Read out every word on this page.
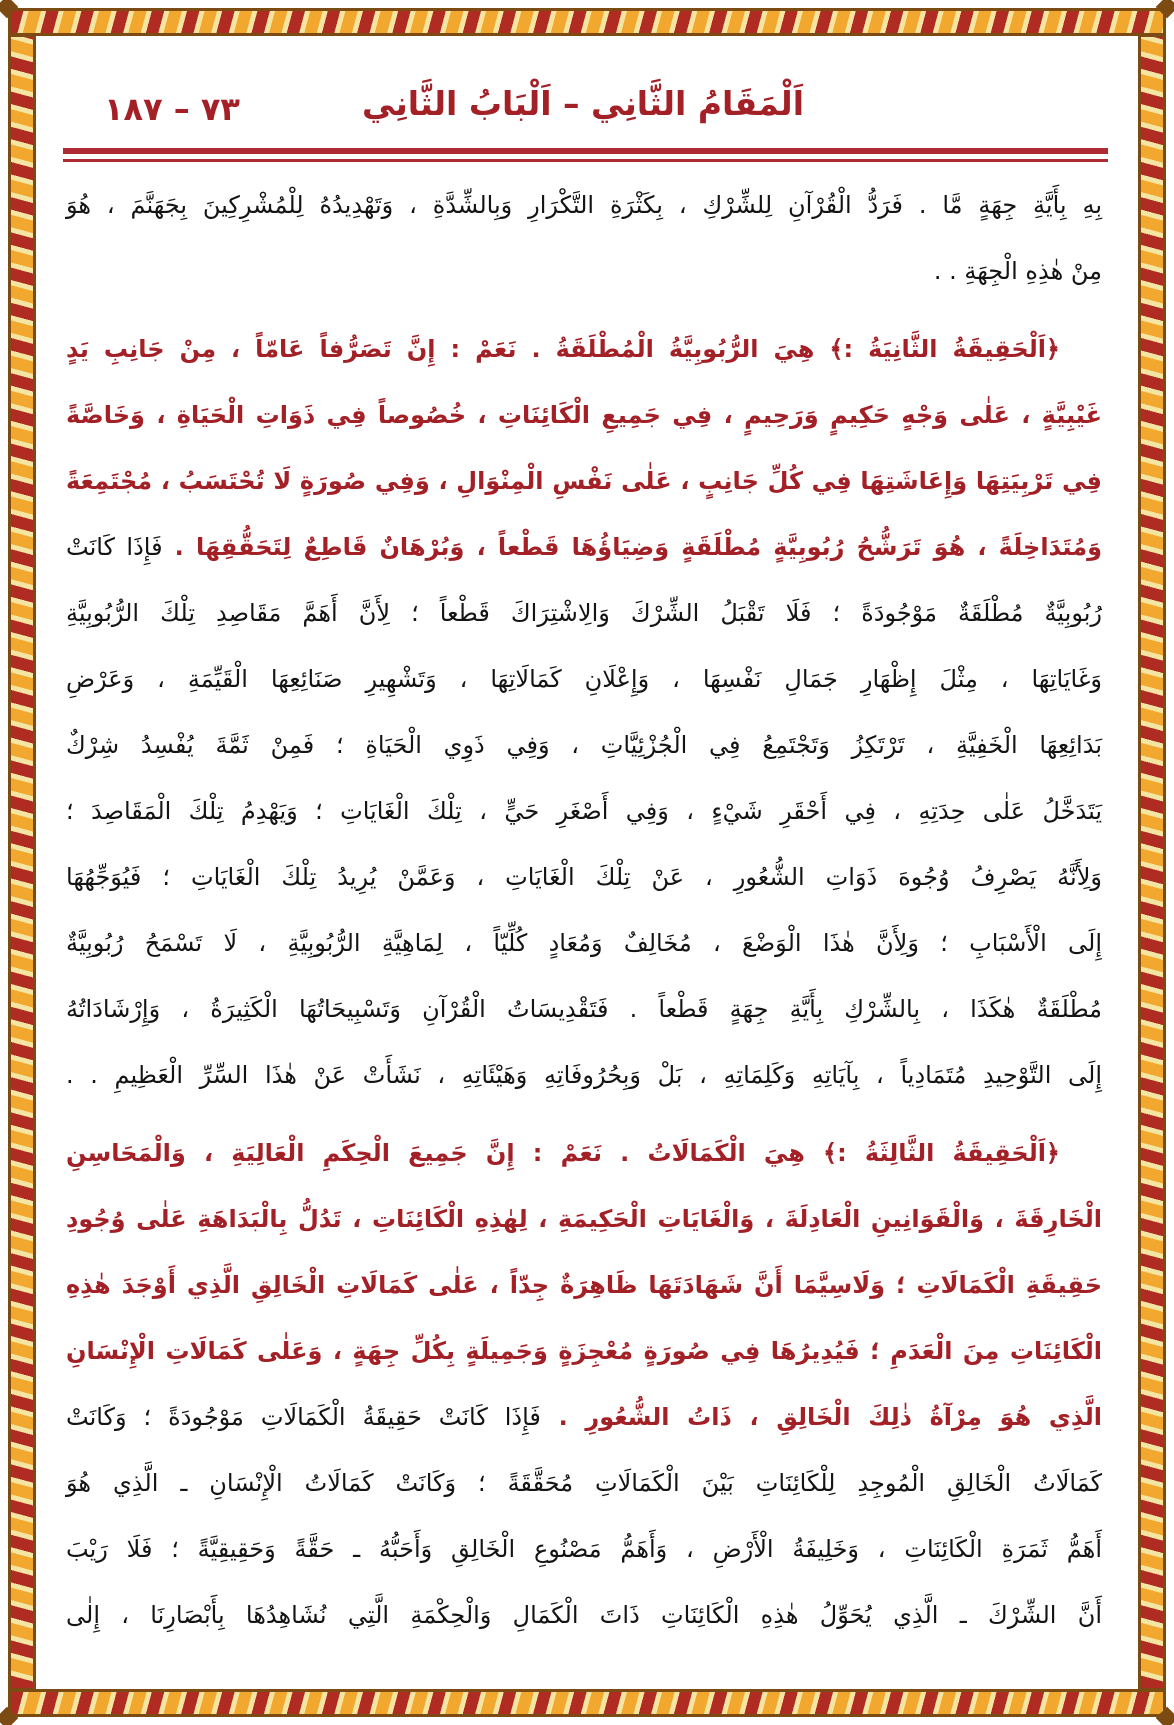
اَلْمَقَامُ الثَّانِي – اَلْبَابُ الثَّانِي
٧٣ – ١٨٧
بِهِ بِأَيَّةِ جِهَةٍ مَّا . فَرَدُّ الْقُرْآنِ لِلشِّرْكِ ، بِكَثْرَةِ التَّكْرَارِ وَبِالشِّدَّةِ ، وَتَهْدِيدُهُ لِلْمُشْرِكِينَ بِجَهَنَّمَ ، هُوَ
مِنْ هٰذِهِ الْجِهَةِ . .
﴿اَلْحَقِيقَةُ الثَّانِيَةُ :﴾ هِيَ الرُّبُوبِيَّةُ الْمُطْلَقَةُ . نَعَمْ : إِنَّ تَصَرُّفاً عَامّاً ، مِنْ جَانِبِ يَدٍ
غَيْبِيَّةٍ ، عَلٰى وَجْهٍ حَكِيمٍ وَرَحِيمٍ ، فِي جَمِيعِ الْكَائِنَاتِ ، خُصُوصاً فِي ذَوَاتِ الْحَيَاةِ ، وَخَاصَّةً
فِي تَرْبِيَتِهَا وَإِعَاشَتِهَا فِي كُلِّ جَانِبٍ ، عَلٰى نَفْسِ الْمِنْوَالِ ، وَفِي صُورَةٍ لَا تُحْتَسَبُ ، مُجْتَمِعَةً
وَمُتَدَاخِلَةً ، هُوَ تَرَشُّحُ رُبُوبِيَّةٍ مُطْلَقَةٍ وَضِيَاؤُهَا قَطْعاً ، وَبُرْهَانٌ قَاطِعٌ لِتَحَقُّقِهَا . فَإِذَا كَانَتْ
رُبُوبِيَّةٌ مُطْلَقَةٌ مَوْجُودَةً ؛ فَلَا تَقْبَلُ الشِّرْكَ وَالِاشْتِرَاكَ قَطْعاً ؛ لِأَنَّ أَهَمَّ مَقَاصِدِ تِلْكَ الرُّبُوبِيَّةِ
وَغَايَاتِهَا ، مِثْلَ إِظْهَارِ جَمَالِ نَفْسِهَا ، وَإِعْلَانِ كَمَالَاتِهَا ، وَتَشْهِيرِ صَنَائِعِهَا الْقَيِّمَةِ ، وَعَرْضِ
بَدَائِعِهَا الْخَفِيَّةِ ، تَرْتَكِزُ وَتَجْتَمِعُ فِي الْجُزْئِيَّاتِ ، وَفِي ذَوِي الْحَيَاةِ ؛ فَمِنْ ثَمَّةَ يُفْسِدُ شِرْكٌ
يَتَدَخَّلُ عَلٰى حِدَتِهِ ، فِي أَحْقَرِ شَيْءٍ ، وَفِي أَصْغَرِ حَيٍّ ، تِلْكَ الْغَايَاتِ ؛ وَيَهْدِمُ تِلْكَ الْمَقَاصِدَ ؛
وَلِأَنَّهُ يَصْرِفُ وُجُوهَ ذَوَاتِ الشُّعُورِ ، عَنْ تِلْكَ الْغَايَاتِ ، وَعَمَّنْ يُرِيدُ تِلْكَ الْغَايَاتِ ؛ فَيُوَجِّهُهَا
إِلَى الْأَسْبَابِ ؛ وَلِأَنَّ هٰذَا الْوَضْعَ ، مُخَالِفٌ وَمُعَادٍ كُلِّيّاً ، لِمَاهِيَّةِ الرُّبُوبِيَّةِ ، لَا تَسْمَحُ رُبُوبِيَّةٌ
مُطْلَقَةٌ هٰكَذَا ، بِالشِّرْكِ بِأَيَّةِ جِهَةٍ قَطْعاً . فَتَقْدِيسَاتُ الْقُرْآنِ وَتَسْبِيحَاتُهَا الْكَثِيرَةُ ، وَإِرْشَادَاتُهُ
إِلَى التَّوْحِيدِ مُتَمَادِياً ، بِآيَاتِهِ وَكَلِمَاتِهِ ، بَلْ وَبِحُرُوفَاتِهِ وَهَيْئَاتِهِ ، نَشَأَتْ عَنْ هٰذَا السِّرِّ الْعَظِيمِ . .
﴿اَلْحَقِيقَةُ الثَّالِثَةُ :﴾ هِيَ الْكَمَالَاتُ . نَعَمْ : إِنَّ جَمِيعَ الْحِكَمِ الْعَالِيَةِ ، وَالْمَحَاسِنِ
الْخَارِقَةَ ، وَالْقَوَانِينِ الْعَادِلَةَ ، وَالْغَايَاتِ الْحَكِيمَةِ ، لِهٰذِهِ الْكَائِنَاتِ ، تَدُلُّ بِالْبَدَاهَةِ عَلٰى وُجُودِ
حَقِيقَةِ الْكَمَالَاتِ ؛ وَلَاسِيَّمَا أَنَّ شَهَادَتَهَا ظَاهِرَةٌ جِدّاً ، عَلٰى كَمَالَاتِ الْخَالِقِ الَّذِي أَوْجَدَ هٰذِهِ
الْكَائِنَاتِ مِنَ الْعَدَمِ ؛ فَيُدِيرُهَا فِي صُورَةٍ مُعْجِزَةٍ وَجَمِيلَةٍ بِكُلِّ جِهَةٍ ، وَعَلٰى كَمَالَاتِ الْإِنْسَانِ
الَّذِي هُوَ مِرْآةُ ذٰلِكَ الْخَالِقِ ، ذَاتُ الشُّعُورِ . فَإِذَا كَانَتْ حَقِيقَةُ الْكَمَالَاتِ مَوْجُودَةً ؛ وَكَانَتْ
كَمَالَاتُ الْخَالِقِ الْمُوجِدِ لِلْكَائِنَاتِ بَيْنَ الْكَمَالَاتِ مُحَقَّقَةً ؛ وَكَانَتْ كَمَالَاتُ الْإِنْسَانِ ـ الَّذِي هُوَ
أَهَمُّ ثَمَرَةِ الْكَائِنَاتِ ، وَخَلِيفَةُ الْأَرْضِ ، وَأَهَمُّ مَصْنُوعِ الْخَالِقِ وَأَحَبُّهُ ـ حَقَّةً وَحَقِيقِيَّةً ؛ فَلَا رَيْبَ
أَنَّ الشِّرْكَ ـ الَّذِي يُحَوِّلُ هٰذِهِ الْكَائِنَاتِ ذَاتَ الْكَمَالِ وَالْحِكْمَةِ الَّتِي نُشَاهِدُهَا بِأَبْصَارِنَا ، إِلٰى
